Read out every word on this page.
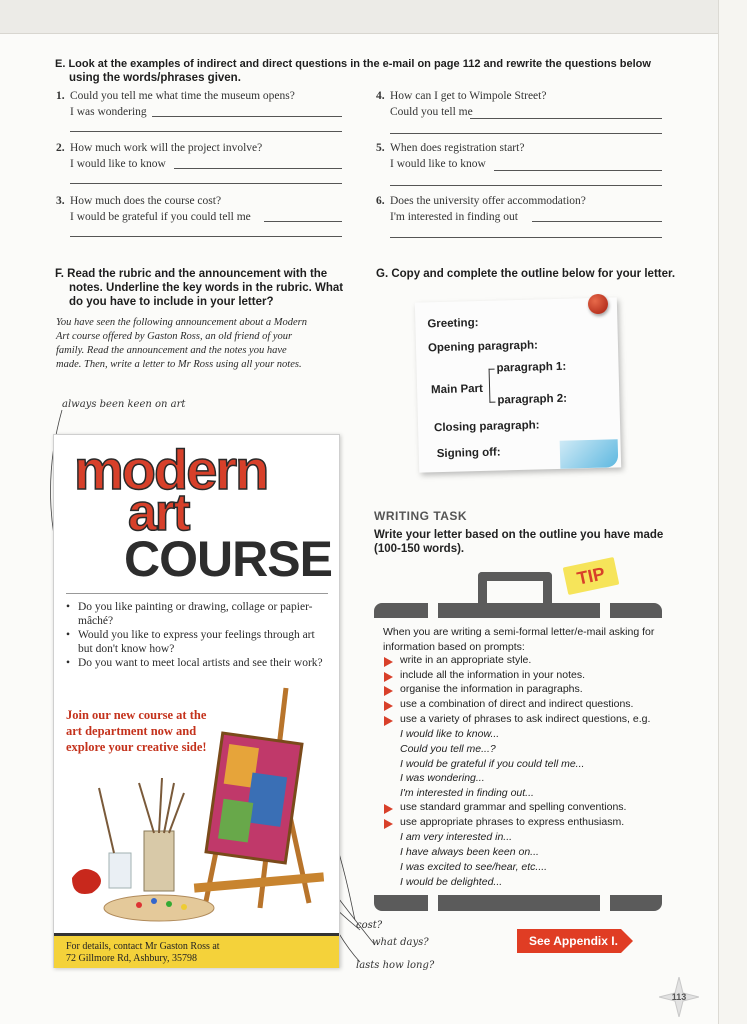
E. Look at the examples of indirect and direct questions in the e-mail on page 112 and rewrite the questions below
using the words/phrases given.
1. Could you tell me what time the museum opens?
I was wondering
2. How much work will the project involve?
I would like to know
3. How much does the course cost?
I would be grateful if you could tell me
4. How can I get to Wimpole Street?
Could you tell me
5. When does registration start?
I would like to know
6. Does the university offer accommodation?
I'm interested in finding out
F. Read the rubric and the announcement with the
notes. Underline the key words in the rubric. What
do you have to include in your letter?
You have seen the following announcement about a Modern
Art course offered by Gaston Ross, an old friend of your
family. Read the announcement and the notes you have
made. Then, write a letter to Mr Ross using all your notes.
always been keen on art
modern
art
COURSE
• Do you like painting or drawing, collage or papier-mâché?
• Would you like to express your feelings through art but don't know how?
• Do you want to meet local artists and see their work?
Join our new course at the
art department now and
explore your creative side!
For details, contact Mr Gaston Ross at
72 Gillmore Rd, Ashbury, 35798
cost?
what days?
lasts how long?
G. Copy and complete the outline below for your letter.
Greeting:
Opening paragraph:
Main Part
paragraph 1:
paragraph 2:
Closing paragraph:
Signing off:
WRITING TASK
Write your letter based on the outline you have made
(100-150 words).
TIP
When you are writing a semi-formal letter/e-mail asking for
information based on prompts:
write in an appropriate style.
include all the information in your notes.
organise the information in paragraphs.
use a combination of direct and indirect questions.
use a variety of phrases to ask indirect questions, e.g.
I would like to know...
Could you tell me...?
I would be grateful if you could tell me...
I was wondering...
I'm interested in finding out...
use standard grammar and spelling conventions.
use appropriate phrases to express enthusiasm.
I am very interested in...
I have always been keen on...
I was excited to see/hear, etc....
I would be delighted...
See Appendix I.
113
